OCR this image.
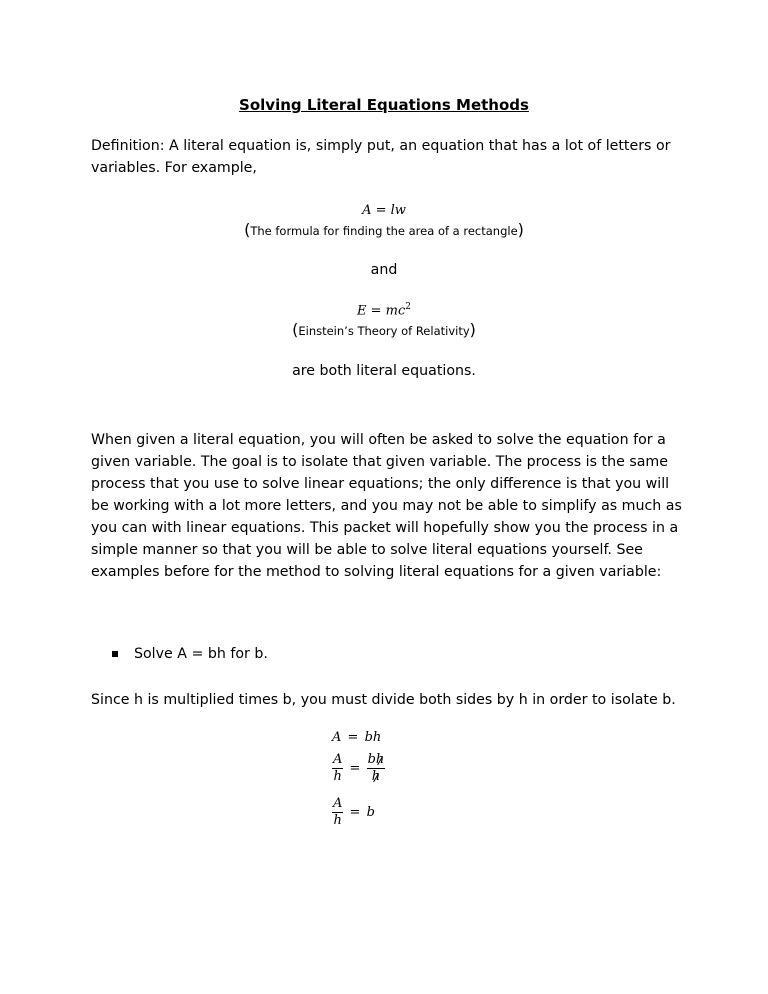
Solving Literal Equations Methods
Definition: A literal equation is, simply put, an equation that has a lot of letters or variables. For example,
A = lw
(The formula for finding the area of a rectangle)
and
$E = mc^2$
(Einstein’s Theory of Relativity)
are both literal equations.
When given a literal equation, you will often be asked to solve the equation for a given variable. The goal is to isolate that given variable. The process is the same process that you use to solve linear equations; the only difference is that you will be working with a lot more letters, and you may not be able to simplify as much as you can with linear equations. This packet will hopefully show you the process in a simple manner so that you will be able to solve literal equations yourself. See examples before for the method to solving literal equations for a given variable:
Solve A = bh for b.
Since h is multiplied times b, you must divide both sides by h in order to isolate b.
A = bh
$\frac{A}{h} = \frac{bh}{h}$
$\frac{A}{h} = b$
